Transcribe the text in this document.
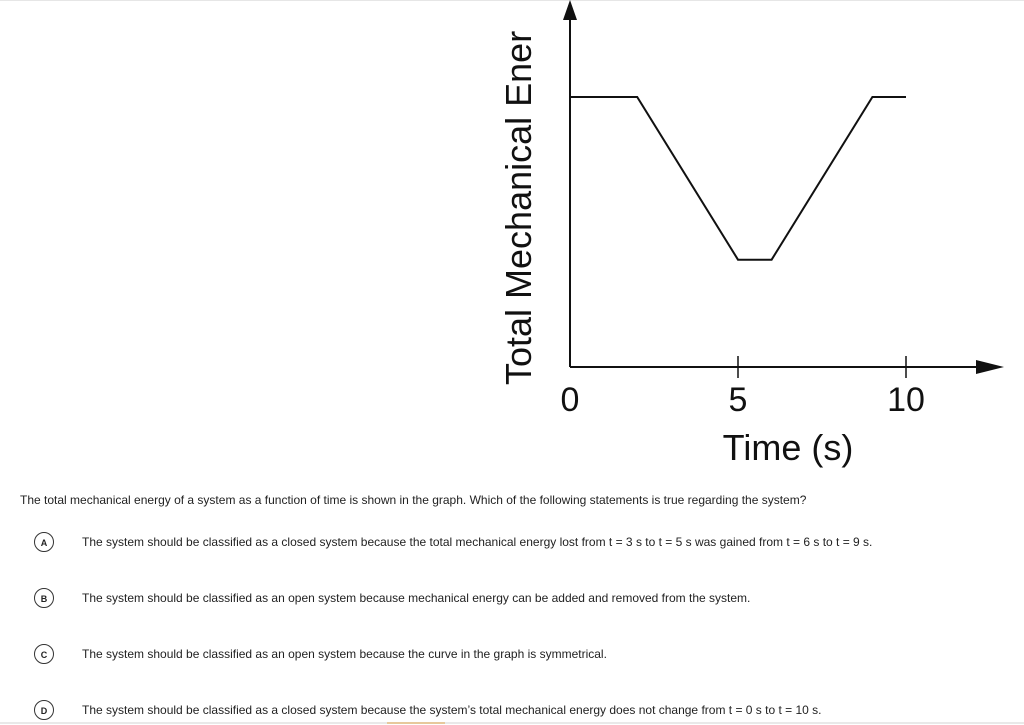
0	5	10
Total Mechanical Ener
Time (s)
The total mechanical energy of a system as a function of time is shown in the graph. Which of the following statements is true regarding the system?
A	The system should be classified as a closed system because the total mechanical energy lost from t = 3 s to t = 5 s was gained from t = 6 s to t = 9 s.
B	The system should be classified as an open system because mechanical energy can be added and removed from the system.
C	The system should be classified as an open system because the curve in the graph is symmetrical.
D	The system should be classified as a closed system because the system’s total mechanical energy does not change from t = 0 s to t = 10 s.
